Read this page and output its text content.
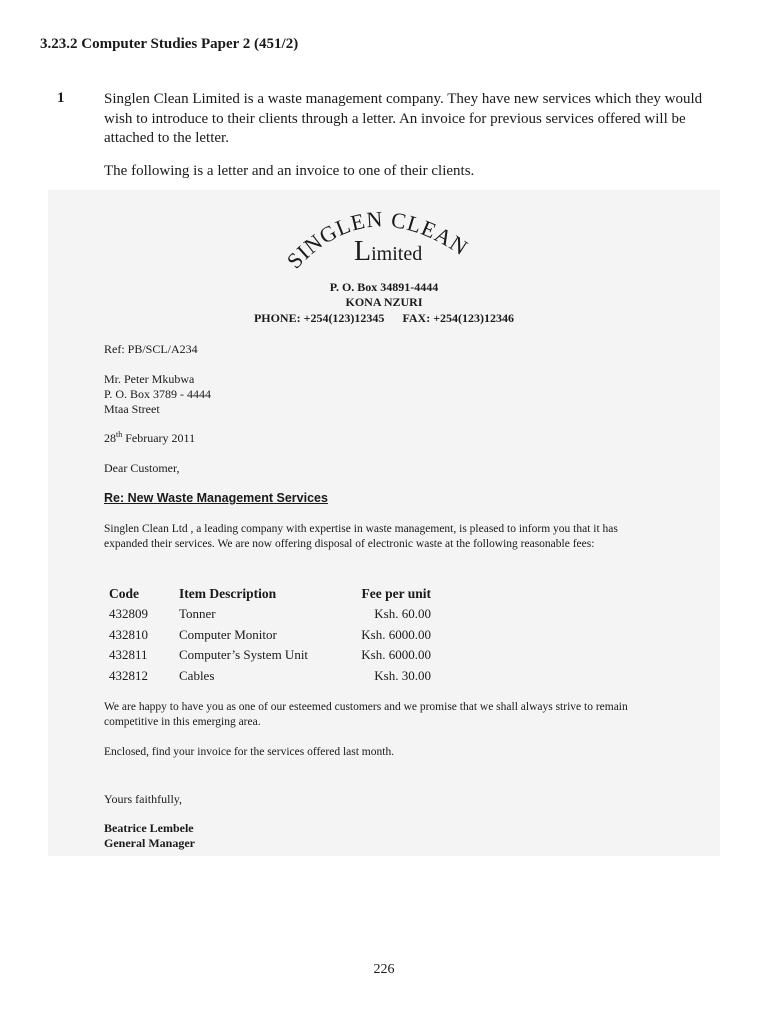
3.23.2 Computer Studies Paper 2 (451/2)
1	Singlen Clean Limited is a waste management company. They have new services which they would wish to introduce to their clients through a letter. An invoice for previous services offered will be attached to the letter.

The following is a letter and an invoice to one of their clients.

SINGLEN CLEAN
Limited
P. O. Box 34891-4444
KONA NZURI
PHONE: +254(123)12345 FAX: +254(123)12346

Ref: PB/SCL/A234

Mr. Peter Mkubwa
P. O. Box 3789 - 4444
Mtaa Street

28th February 2011

Dear Customer,

Re: New Waste Management Services

Singlen Clean Ltd , a leading company with expertise in waste management, is pleased to inform you that it has expanded their services. We are now offering disposal of electronic waste at the following reasonable fees:

Code	Item Description	Fee per unit
432809	Tonner	Ksh. 60.00
432810	Computer Monitor	Ksh. 6000.00
432811	Computer’s System Unit	Ksh. 6000.00
432812	Cables	Ksh. 30.00

We are happy to have you as one of our esteemed customers and we promise that we shall always strive to remain competitive in this emerging area.

Enclosed, find your invoice for the services offered last month.

Yours faithfully,

Beatrice Lembele

General Manager

226
